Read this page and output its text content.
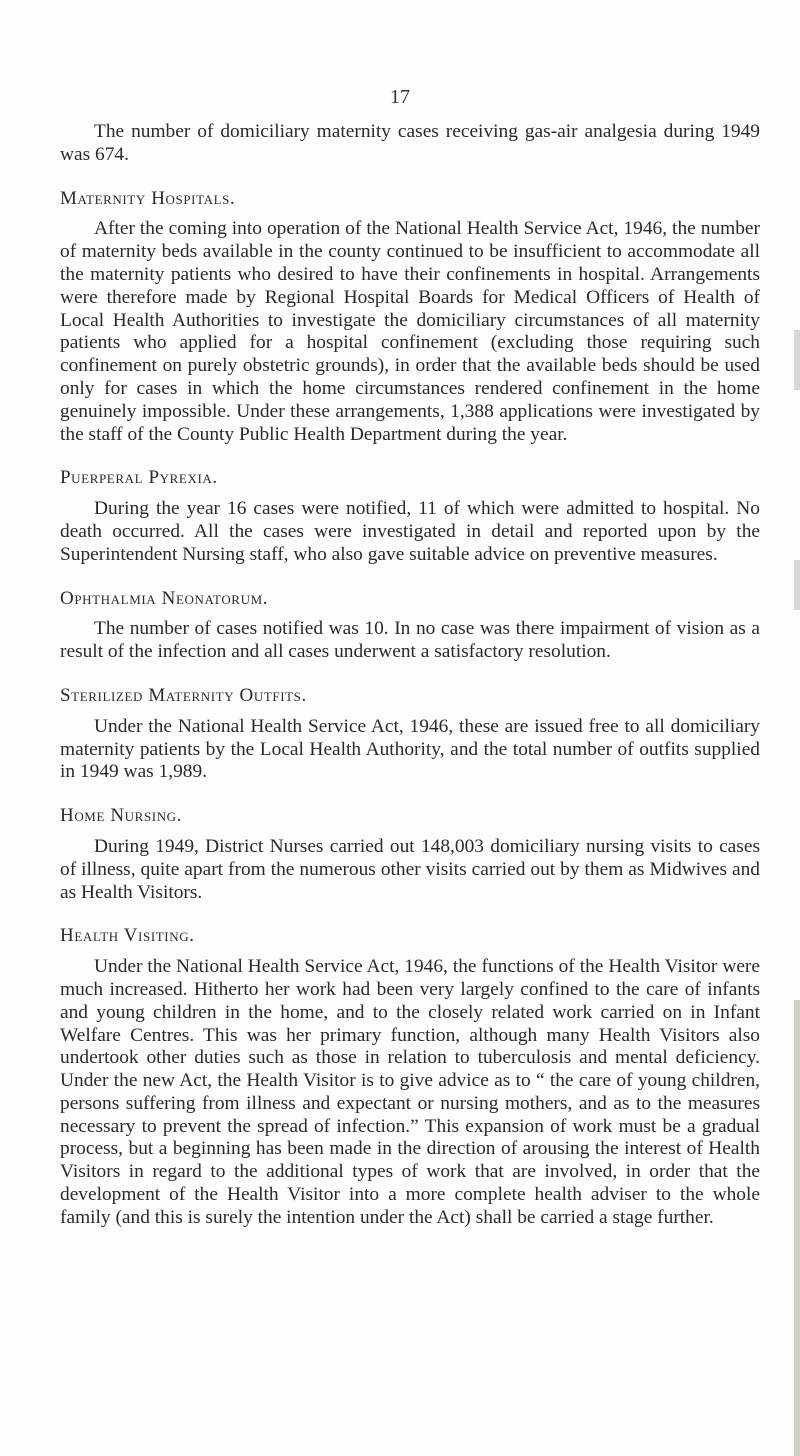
17

The number of domiciliary maternity cases receiving gas-air analgesia during 1949 was 674.

Maternity Hospitals.

After the coming into operation of the National Health Service Act, 1946, the number of maternity beds available in the county continued to be insufficient to accommodate all the maternity patients who desired to have their confinements in hospital. Arrangements were therefore made by Regional Hospital Boards for Medical Officers of Health of Local Health Authorities to investigate the domiciliary circumstances of all maternity patients who applied for a hospital confinement (excluding those requiring such confinement on purely obstetric grounds), in order that the available beds should be used only for cases in which the home circumstances rendered confinement in the home genuinely impossible. Under these arrangements, 1,388 applications were investigated by the staff of the County Public Health Department during the year.

Puerperal Pyrexia.

During the year 16 cases were notified, 11 of which were admitted to hospital. No death occurred. All the cases were investigated in detail and reported upon by the Superintendent Nursing staff, who also gave suitable advice on preventive measures.

Ophthalmia Neonatorum.

The number of cases notified was 10. In no case was there impairment of vision as a result of the infection and all cases underwent a satisfactory resolution.

Sterilized Maternity Outfits.

Under the National Health Service Act, 1946, these are issued free to all domiciliary maternity patients by the Local Health Authority, and the total number of outfits supplied in 1949 was 1,989.

Home Nursing.

During 1949, District Nurses carried out 148,003 domiciliary nursing visits to cases of illness, quite apart from the numerous other visits carried out by them as Midwives and as Health Visitors.

Health Visiting.

Under the National Health Service Act, 1946, the functions of the Health Visitor were much increased. Hitherto her work had been very largely confined to the care of infants and young children in the home, and to the closely related work carried on in Infant Welfare Centres. This was her primary function, although many Health Visitors also undertook other duties such as those in relation to tuberculosis and mental deficiency. Under the new Act, the Health Visitor is to give advice as to “ the care of young children, persons suffering from illness and expectant or nursing mothers, and as to the measures necessary to prevent the spread of infection.” This expansion of work must be a gradual process, but a beginning has been made in the direction of arousing the interest of Health Visitors in regard to the additional types of work that are involved, in order that the development of the Health Visitor into a more complete health adviser to the whole family (and this is surely the intention under the Act) shall be carried a stage further.
